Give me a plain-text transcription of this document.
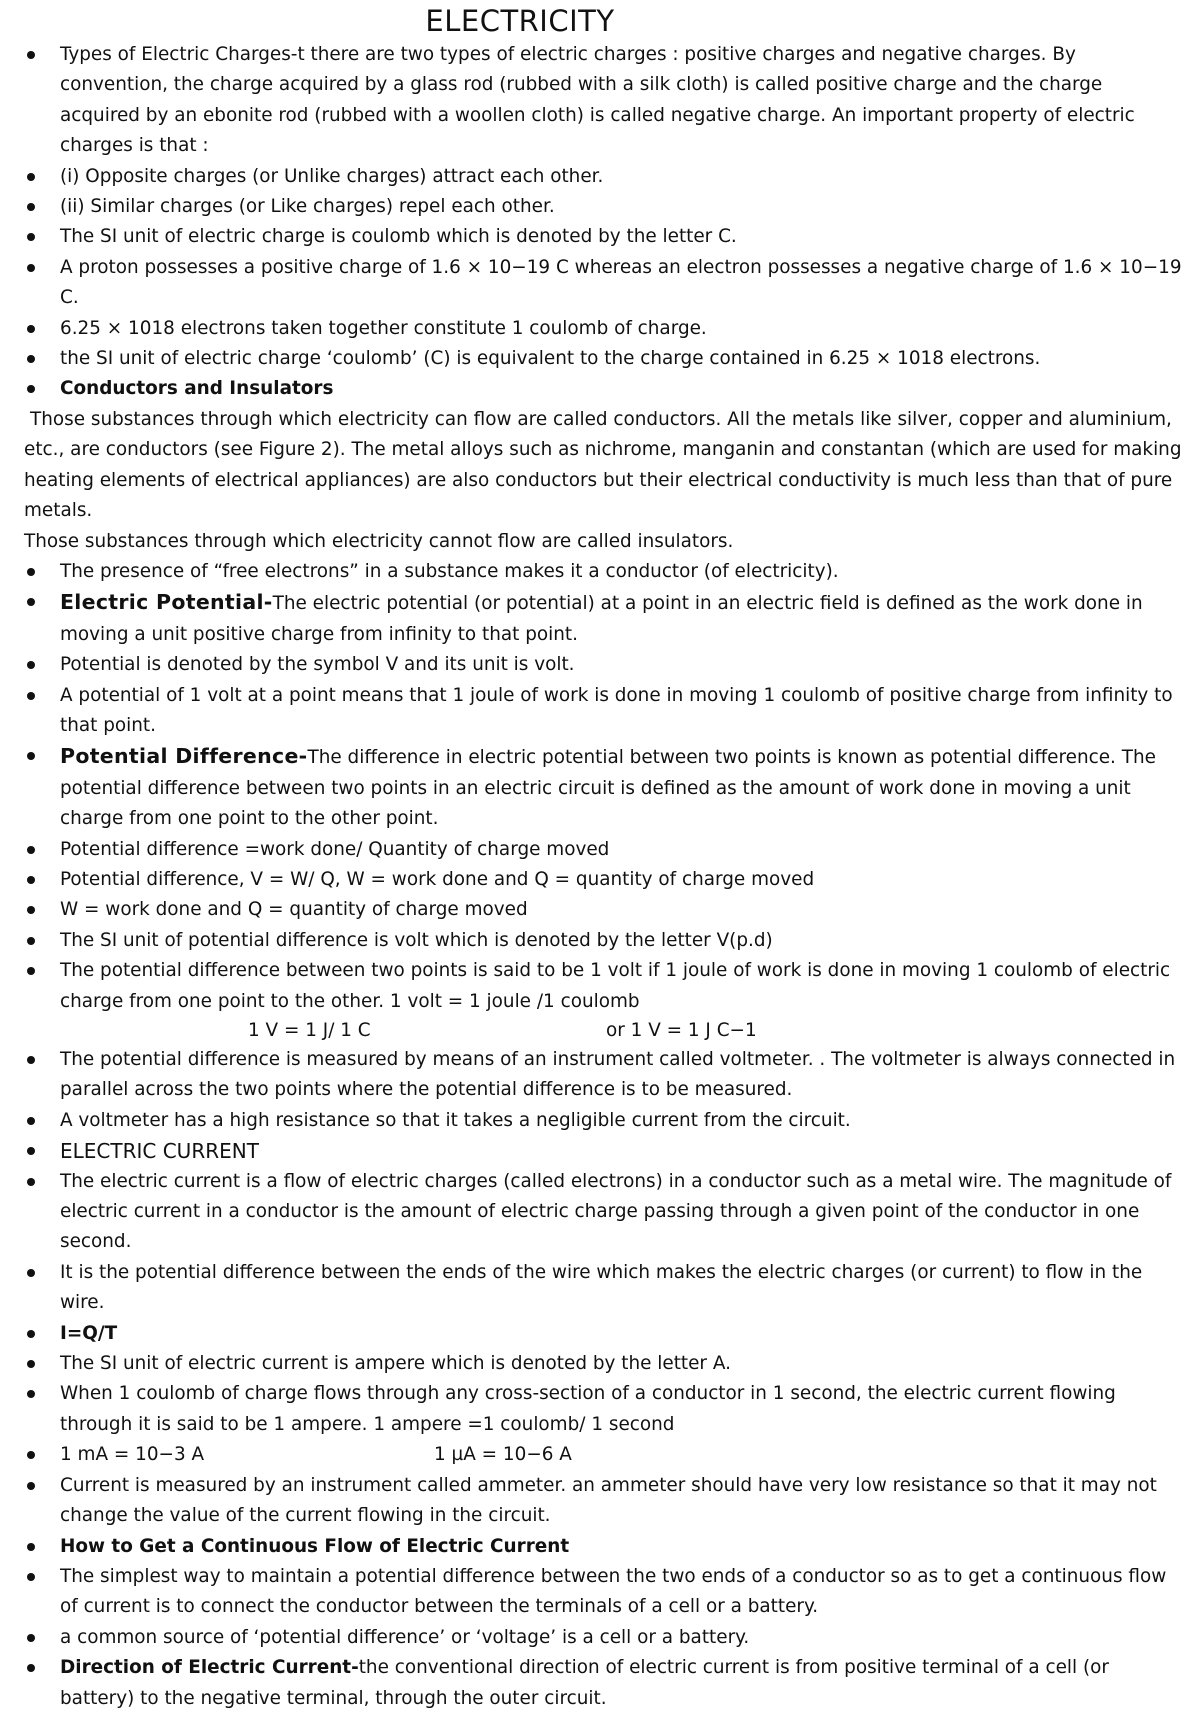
ELECTRICITY
Types of Electric Charges-t there are two types of electric charges : positive charges and negative charges. By convention, the charge acquired by a glass rod (rubbed with a silk cloth) is called positive charge and the charge acquired by an ebonite rod (rubbed with a woollen cloth) is called negative charge. An important property of electric charges is that :
(i) Opposite charges (or Unlike charges) attract each other.
(ii) Similar charges (or Like charges) repel each other.
The SI unit of electric charge is coulomb which is denoted by the letter C.
A proton possesses a positive charge of 1.6 × 10−19 C whereas an electron possesses a negative charge of 1.6 × 10−19 C.
6.25 × 1018 electrons taken together constitute 1 coulomb of charge.
the SI unit of electric charge ‘coulomb’ (C) is equivalent to the charge contained in 6.25 × 1018 electrons.
Conductors and Insulators
Those substances through which electricity can flow are called conductors. All the metals like silver, copper and aluminium, etc., are conductors (see Figure 2). The metal alloys such as nichrome, manganin and constantan (which are used for making heating elements of electrical appliances) are also conductors but their electrical conductivity is much less than that of pure metals.
Those substances through which electricity cannot flow are called insulators.
The presence of “free electrons” in a substance makes it a conductor (of electricity).
Electric Potential-The electric potential (or potential) at a point in an electric field is defined as the work done in moving a unit positive charge from infinity to that point.
Potential is denoted by the symbol V and its unit is volt.
A potential of 1 volt at a point means that 1 joule of work is done in moving 1 coulomb of positive charge from infinity to that point.
Potential Difference-The difference in electric potential between two points is known as potential difference. The potential difference between two points in an electric circuit is defined as the amount of work done in moving a unit charge from one point to the other point.
Potential difference =work done/ Quantity of charge moved
Potential difference, V = W/ Q, W = work done and Q = quantity of charge moved
W = work done and Q = quantity of charge moved
The SI unit of potential difference is volt which is denoted by the letter V(p.d)
The potential difference between two points is said to be 1 volt if 1 joule of work is done in moving 1 coulomb of electric charge from one point to the other. 1 volt = 1 joule /1 coulomb
1 V = 1 J/ 1 C	or 1 V = 1 J C−1
The potential difference is measured by means of an instrument called voltmeter. . The voltmeter is always connected in parallel across the two points where the potential difference is to be measured.
A voltmeter has a high resistance so that it takes a negligible current from the circuit.
ELECTRIC CURRENT
The electric current is a flow of electric charges (called electrons) in a conductor such as a metal wire. The magnitude of electric current in a conductor is the amount of electric charge passing through a given point of the conductor in one second.
It is the potential difference between the ends of the wire which makes the electric charges (or current) to flow in the wire.
I=Q/T
The SI unit of electric current is ampere which is denoted by the letter A.
When 1 coulomb of charge flows through any cross-section of a conductor in 1 second, the electric current flowing through it is said to be 1 ampere. 1 ampere =1 coulomb/ 1 second
1 mA = 10−3 A	1 µA = 10−6 A
Current is measured by an instrument called ammeter. an ammeter should have very low resistance so that it may not change the value of the current flowing in the circuit.
How to Get a Continuous Flow of Electric Current
The simplest way to maintain a potential difference between the two ends of a conductor so as to get a continuous flow of current is to connect the conductor between the terminals of a cell or a battery.
a common source of ‘potential difference’ or ‘voltage’ is a cell or a battery.
Direction of Electric Current-the conventional direction of electric current is from positive terminal of a cell (or battery) to the negative terminal, through the outer circuit.
